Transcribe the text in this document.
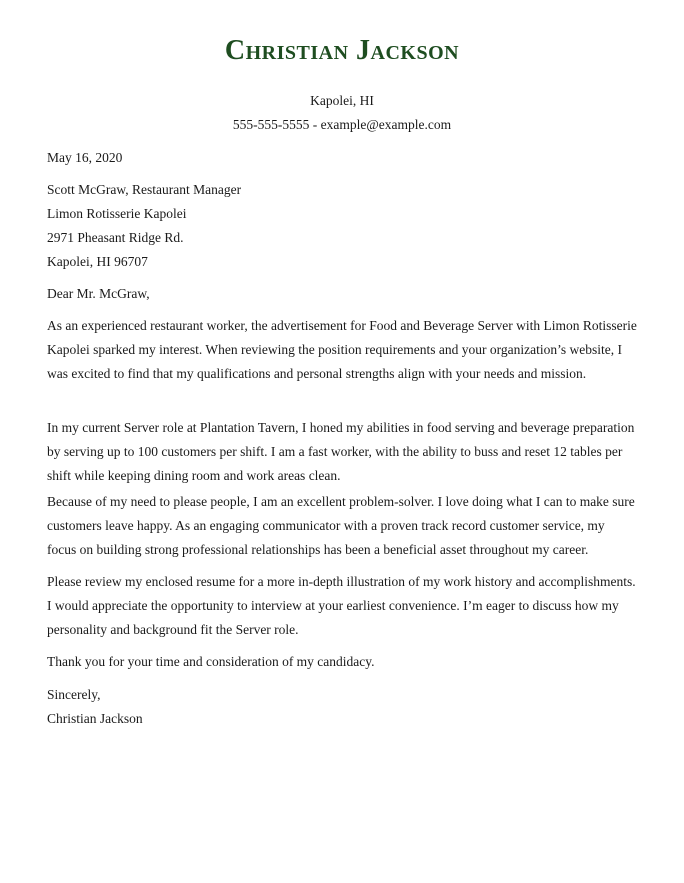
Christian Jackson
Kapolei, HI
555-555-5555 - example@example.com

May 16, 2020

Scott McGraw, Restaurant Manager

Limon Rotisserie Kapolei

2971 Pheasant Ridge Rd.

Kapolei, HI 96707

Dear Mr. McGraw,

As an experienced restaurant worker, the advertisement for Food and Beverage Server with Limon Rotisserie Kapolei sparked my interest. When reviewing the position requirements and your organization’s website, I was excited to find that my qualifications and personal strengths align with your needs and mission.

In my current Server role at Plantation Tavern, I honed my abilities in food serving and beverage preparation by serving up to 100 customers per shift. I am a fast worker, with the ability to buss and reset 12 tables per shift while keeping dining room and work areas clean.

Because of my need to please people, I am an excellent problem-solver. I love doing what I can to make sure customers leave happy. As an engaging communicator with a proven track record customer service, my focus on building strong professional relationships has been a beneficial asset throughout my career.

Please review my enclosed resume for a more in-depth illustration of my work history and accomplishments. I would appreciate the opportunity to interview at your earliest convenience. I’m eager to discuss how my personality and background fit the Server role.

Thank you for your time and consideration of my candidacy.

Sincerely,

Christian Jackson
